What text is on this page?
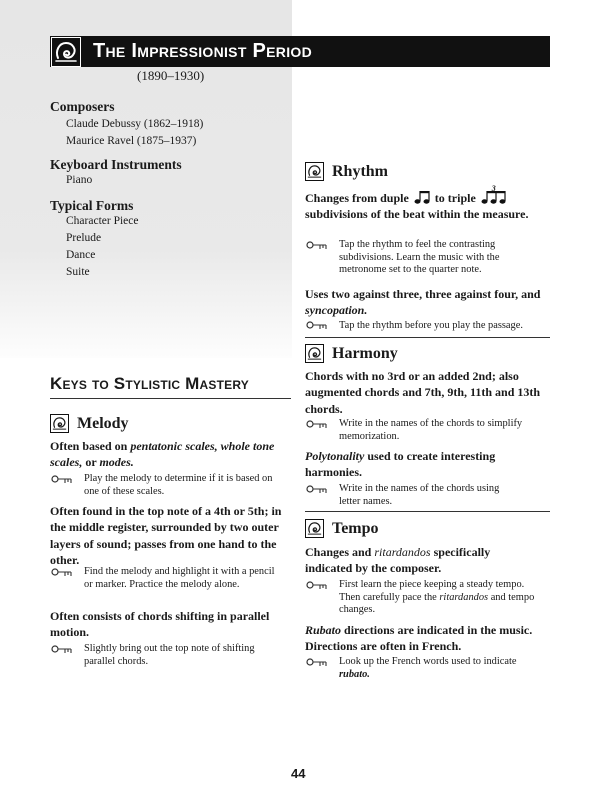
The Impressionist Period
(1890–1930)
Composers
Claude Debussy (1862–1918)
Maurice Ravel (1875–1937)
Keyboard Instruments
Piano
Typical Forms
Character Piece
Prelude
Dance
Suite
Keys to Stylistic Mastery
Melody
Often based on pentatonic scales, whole tone scales, or modes.
Play the melody to determine if it is based on one of these scales.
Often found in the top note of a 4th or 5th; in the middle register, surrounded by two outer layers of sound; passes from one hand to the other.
Find the melody and highlight it with a pencil or marker. Practice the melody alone.
Often consists of chords shifting in parallel motion.
Slightly bring out the top note of shifting parallel chords.
Rhythm
Changes from duple to triple
3

subdivisions of the beat within the measure.
Tap the rhythm to feel the contrasting subdivisions. Learn the music with the metronome set to the quarter note.
Uses two against three, three against four, and syncopation.
Tap the rhythm before you play the passage.
Harmony
Chords with no 3rd or an added 2nd; also augmented chords and 7th, 9th, 11th and 13th chords.
Write in the names of the chords to simplify memorization.
Polytonality used to create interesting harmonies.
Write in the names of the chords using letter names.
Tempo
Changes and ritardandos specifically indicated by the composer.
First learn the piece keeping a steady tempo. Then carefully pace the ritardandos and tempo changes.
Rubato directions are indicated in the music. Directions are often in French.
Look up the French words used to indicate rubato.
44
